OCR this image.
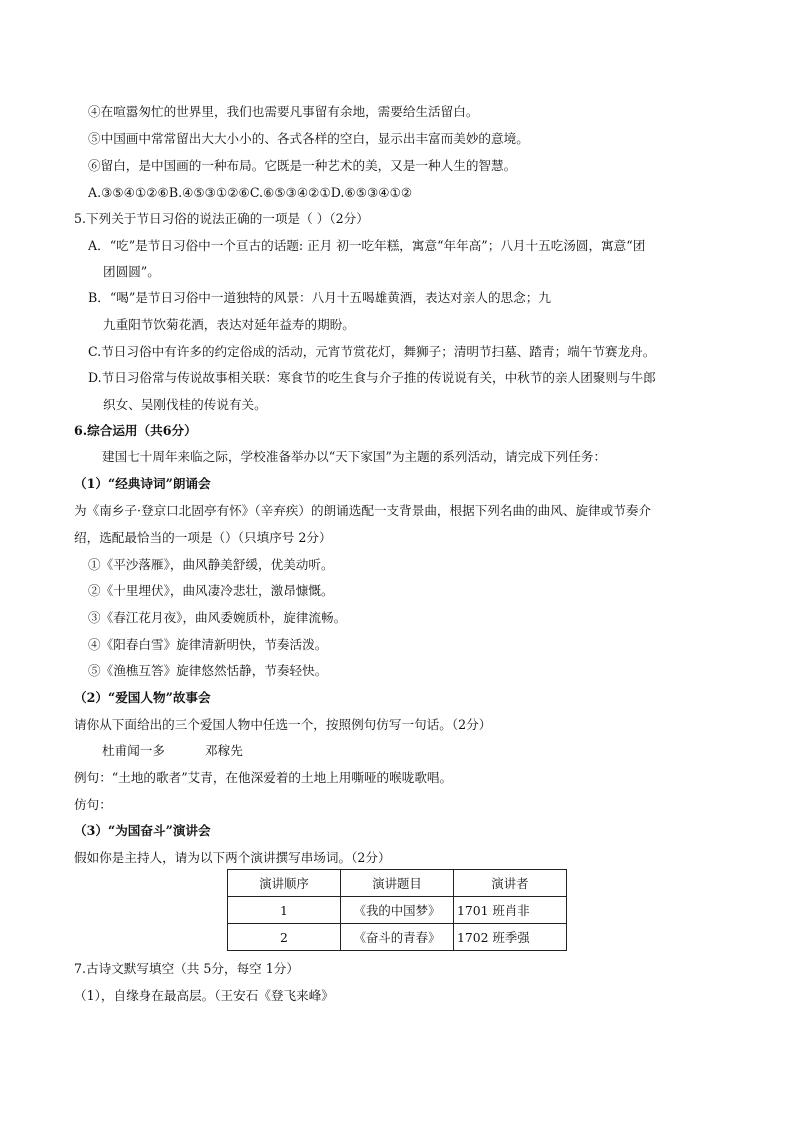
④在喧嚣匆忙的世界里，我们也需要凡事留有余地，需要给生活留白。
⑤中国画中常常留出大大小小的、各式各样的空白，显示出丰富而美妙的意境。
⑥留白，是中国画的一种布局。它既是一种艺术的美，又是一种人生的智慧。
A.③⑤④①②⑥B.④⑤③①②⑥C.⑥⑤③④②①D.⑥⑤③④①②
5.下列关于节日习俗的说法正确的一项是（ ）（2分）
A．“吃”是节日习俗中一个亘古的话题: 正月 初一吃年糕，寓意“年年高”；八月十五吃汤圆，寓意“团
团圆圆”。
B．“喝”是节日习俗中一道独特的风景：八月十五喝雄黄酒，表达对亲人的思念；九
九重阳节饮菊花酒，表达对延年益寿的期盼。
C.节日习俗中有许多的约定俗成的活动，元宵节赏花灯，舞狮子；清明节扫墓、踏青；端午节赛龙舟。
D.节日习俗常与传说故事相关联：寒食节的吃生食与介子推的传说说有关，中秋节的亲人团聚则与牛郎
织女、吴刚伐桂的传说有关。
6.综合运用（共6分）
建国七十周年来临之际，学校准备举办以“天下家国”为主题的系列活动，请完成下列任务：
（1）“经典诗词”朗诵会
为《南乡子·登京口北固亭有怀》（辛弃疾）的朗诵选配一支背景曲，根据下列名曲的曲风、旋律或节奏介
绍，选配最恰当的一项是（）（只填序号 2分）
①《平沙落雁》，曲风静美舒缓，优美动听。
②《十里埋伏》，曲风凄冷悲壮，激昂慷慨。
③《春江花月夜》，曲风委婉质朴，旋律流畅。
④《阳春白雪》旋律清新明快，节奏活泼。
⑤《渔樵互答》旋律悠然恬静，节奏轻快。
（2）“爱国人物”故事会
请你从下面给出的三个爱国人物中任选一个，按照例句仿写一句话。（2分）
杜甫闻一多          邓稼先
例句：“土地的歌者”艾青，在他深爱着的土地上用嘶哑的喉咙歌唱。
仿句：
（3）“为国奋斗”演讲会
假如你是主持人，请为以下两个演讲撰写串场词。（2分）
演讲顺序	演讲题目	演讲者
1	《我的中国梦》	1701 班肖非
2	《奋斗的青春》	1702 班季强
7.古诗文默写填空（共 5分，每空 1分）
（1），自缘身在最高层。（王安石《登飞来峰》
